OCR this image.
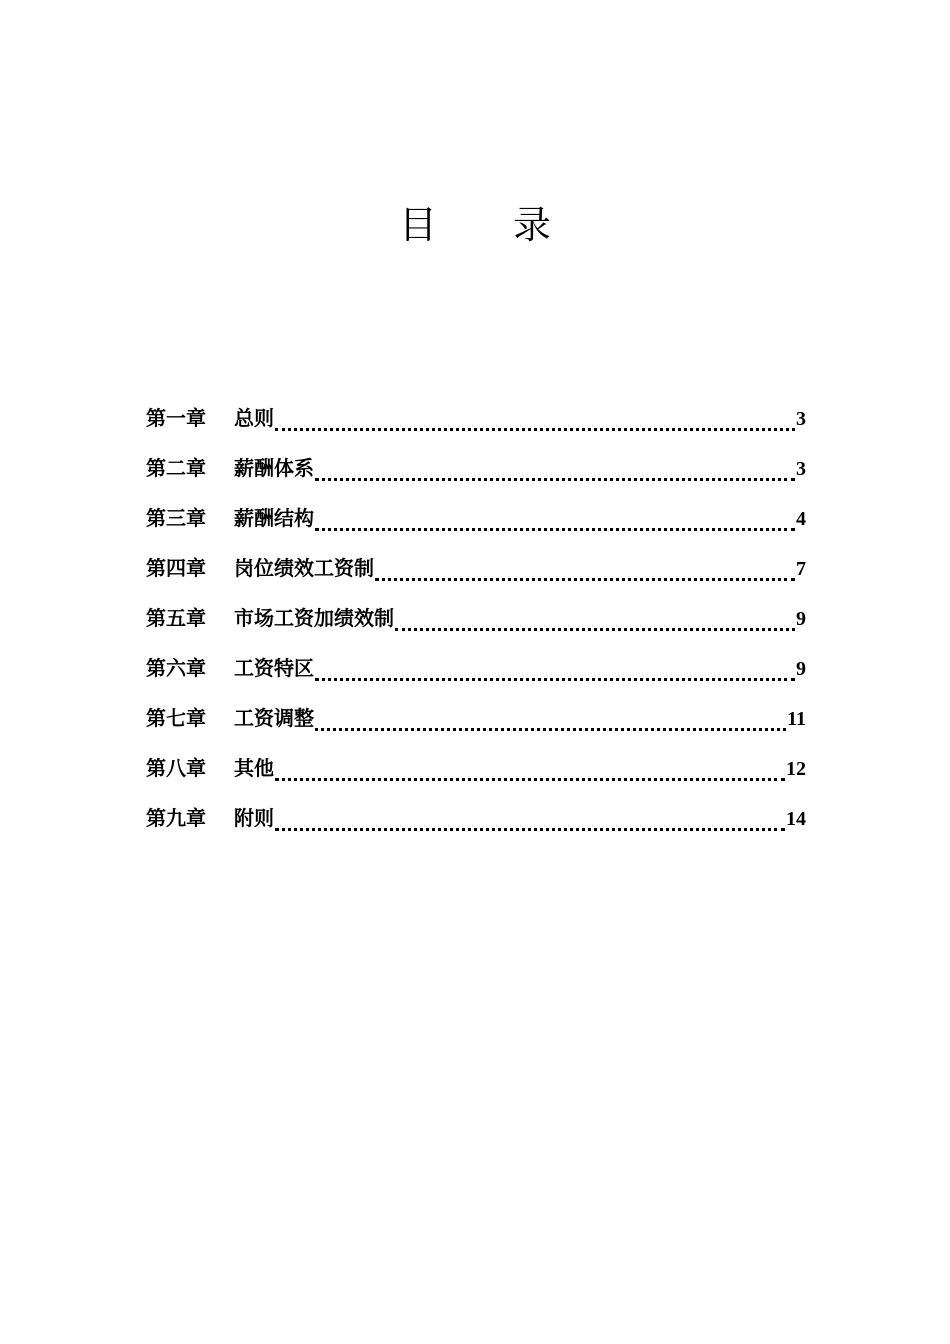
目 录
第一章	总则	3
第二章	薪酬体系	3
第三章	薪酬结构	4
第四章	岗位绩效工资制	7
第五章	市场工资加绩效制	9
第六章	工资特区	9
第七章	工资调整	11
第八章	其他	12
第九章	附则	14
